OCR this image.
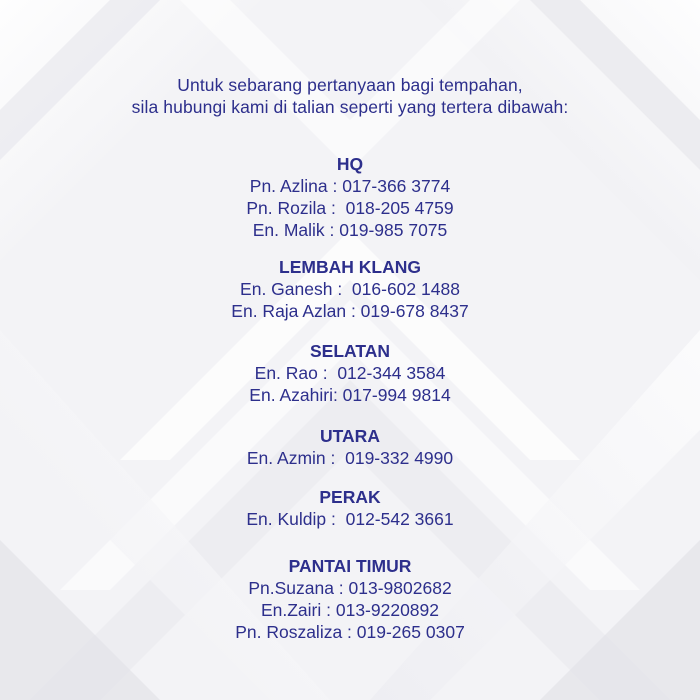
Untuk sebarang pertanyaan bagi tempahan,
sila hubungi kami di talian seperti yang tertera dibawah:
HQ
Pn. Azlina : 017-366 3774
Pn. Rozila :  018-205 4759
En. Malik : 019-985 7075
LEMBAH KLANG
En. Ganesh :  016-602 1488
En. Raja Azlan : 019-678 8437
SELATAN
En. Rao :  012-344 3584
En. Azahiri: 017-994 9814
UTARA
En. Azmin :  019-332 4990
PERAK
En. Kuldip :  012-542 3661
PANTAI TIMUR
Pn.Suzana : 013-9802682
En.Zairi : 013-9220892
Pn. Roszaliza : 019-265 0307
